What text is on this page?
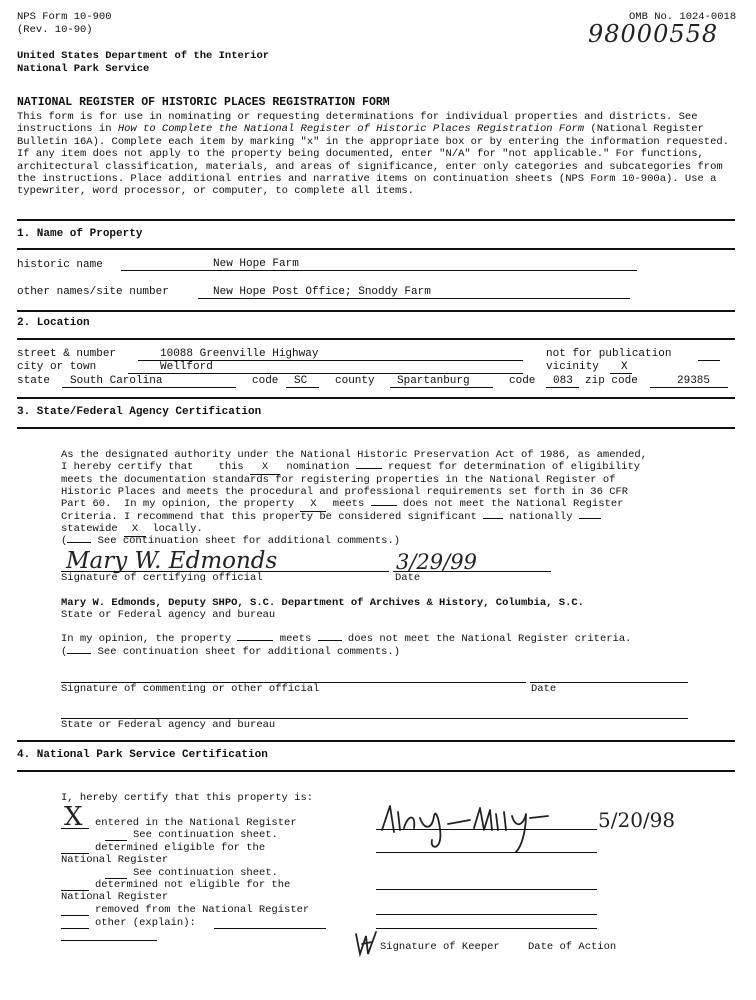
NPS Form 10-900
(Rev. 10-90)
OMB No. 1024-0018
98000558
United States Department of the Interior
National Park Service
NATIONAL REGISTER OF HISTORIC PLACES REGISTRATION FORM
This form is for use in nominating or requesting determinations for individual properties and districts. See instructions in How to Complete the National Register of Historic Places Registration Form (National Register Bulletin 16A). Complete each item by marking "x" in the appropriate box or by entering the information requested. If any item does not apply to the property being documented, enter "N/A" for "not applicable." For functions, architectural classification, materials, and areas of significance, enter only categories and subcategories from the instructions. Place additional entries and narrative items on continuation sheets (NPS Form 10-900a). Use a typewriter, word processor, or computer, to complete all items.
1. Name of Property
historic name	New Hope Farm
other names/site number	New Hope Post Office; Snoddy Farm
2. Location
street & number	10088 Greenville Highway	not for publication
city or town	Wellford	vicinity X
state South Carolina	code SC	county Spartanburg	code 083 zip code	29385
3. State/Federal Agency Certification
As the designated authority under the National Historic Preservation Act of 1986, as amended,
I hereby certify that    this X nomination	request for determination of eligibility
meets the documentation standards for registering properties in the National Register of
Historic Places and meets the procedural and professional requirements set forth in 36 CFR
Part 60.  In my opinion, the property X meets	does not meet the National Register
Criteria. I recommend that this property be considered significant	nationally
statewide X locally.
( See continuation sheet for additional comments.)
Mary W. Edmonds	3/29/99
Signature of certifying official	Date
Mary W. Edmonds, Deputy SHPO, S.C. Department of Archives & History, Columbia, S.C.
State or Federal agency and bureau
In my opinion, the property	meets	does not meet the National Register criteria.
( See continuation sheet for additional comments.)
Signature of commenting or other official	Date
State or Federal agency and bureau
4. National Park Service Certification
I, hereby certify that this property is:
X entered in the National Register
See continuation sheet.
determined eligible for the
National Register
See continuation sheet.
determined not eligible for the
National Register
removed from the National Register
other (explain):
5/20/98
Signature of Keeper	Date of Action
